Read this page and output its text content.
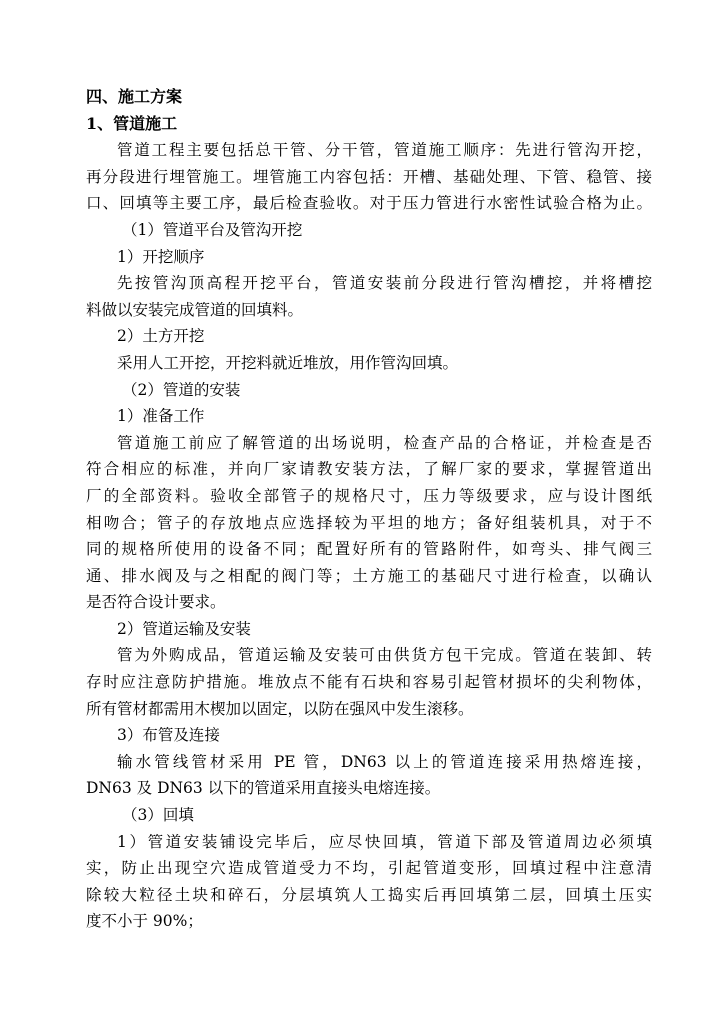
四、施工方案
1、管道施工
管道工程主要包括总干管、分干管，管道施工顺序：先进行管沟开挖，
再分段进行埋管施工。埋管施工内容包括：开槽、基础处理、下管、稳管、接
口、回填等主要工序，最后检查验收。对于压力管进行水密性试验合格为止。
（1）管道平台及管沟开挖
1）开挖顺序
先按管沟顶高程开挖平台，管道安装前分段进行管沟槽挖，并将槽挖
料做以安装完成管道的回填料。
2）土方开挖
采用人工开挖，开挖料就近堆放，用作管沟回填。
（2）管道的安装
1）准备工作
管道施工前应了解管道的出场说明，检查产品的合格证，并检查是否
符合相应的标准，并向厂家请教安装方法，了解厂家的要求，掌握管道出
厂的全部资料。验收全部管子的规格尺寸，压力等级要求，应与设计图纸
相吻合；管子的存放地点应选择较为平坦的地方；备好组装机具，对于不
同的规格所使用的设备不同；配置好所有的管路附件，如弯头、排气阀三
通、排水阀及与之相配的阀门等；土方施工的基础尺寸进行检查，以确认
是否符合设计要求。
2）管道运输及安装
管为外购成品，管道运输及安装可由供货方包干完成。管道在装卸、转
存时应注意防护措施。堆放点不能有石块和容易引起管材损坏的尖利物体，
所有管材都需用木楔加以固定，以防在强风中发生滚移。
3）布管及连接
输水管线管材采用 PE 管，DN63 以上的管道连接采用热熔连接，
DN63 及 DN63 以下的管道采用直接头电熔连接。
（3）回填
1）管道安装铺设完毕后，应尽快回填，管道下部及管道周边必须填
实，防止出现空穴造成管道受力不均，引起管道变形，回填过程中注意清
除较大粒径土块和碎石，分层填筑人工捣实后再回填第二层，回填土压实
度不小于 90%；
